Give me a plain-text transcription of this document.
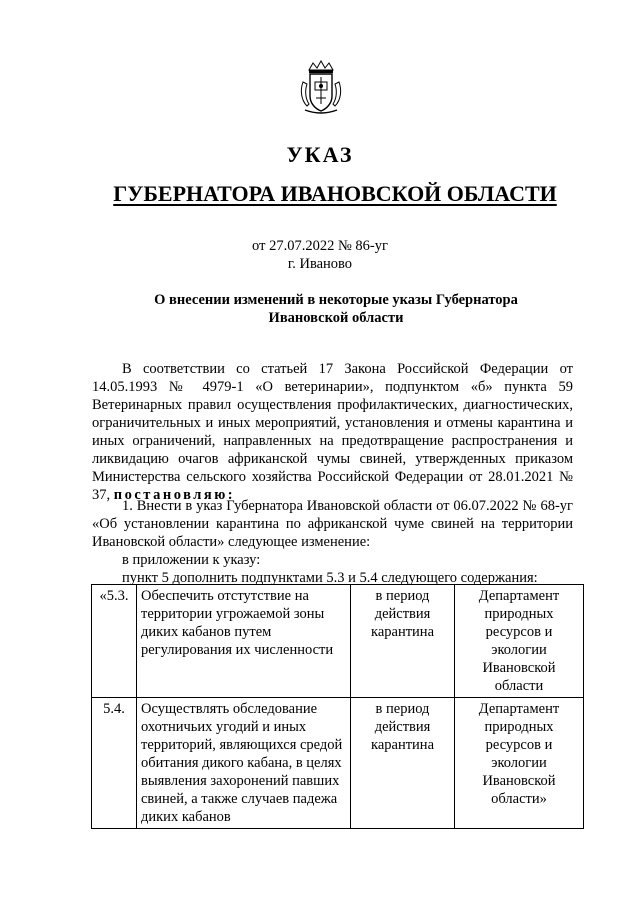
УКАЗ
ГУБЕРНАТОРА ИВАНОВСКОЙ ОБЛАСТИ
от 27.07.2022 № 86-уг
г. Иваново
О внесении изменений в некоторые указы Губернатора
Ивановской области
В соответствии со статьей 17 Закона Российской Федерации от 14.05.1993 № 4979-1 «О ветеринарии», подпунктом «б» пункта 59 Ветеринарных правил осуществления профилактических, диагностических, ограничительных и иных мероприятий, установления и отмены карантина и иных ограничений, направленных на предотвращение распространения и ликвидацию очагов африканской чумы свиней, утвержденных приказом Министерства сельского хозяйства Российской Федерации от 28.01.2021 № 37, постановляю:
1. Внести в указ Губернатора Ивановской области от 06.07.2022 № 68-уг «Об установлении карантина по африканской чуме свиней на территории Ивановской области» следующее изменение:
в приложении к указу:
пункт 5 дополнить подпунктами 5.3 и 5.4 следующего содержания:
«5.3.	Обеспечить отстутствие на территории угрожаемой зоны диких кабанов путем регулирования их численности	в период действия карантина	Департамент природных ресурсов и экологии Ивановской области
5.4.	Осуществлять обследование охотничьих угодий и иных территорий, являющихся средой обитания дикого кабана, в целях выявления захоронений павших свиней, а также случаев падежа диких кабанов	в период действия карантина	Департамент природных ресурсов и экологии Ивановской области»
